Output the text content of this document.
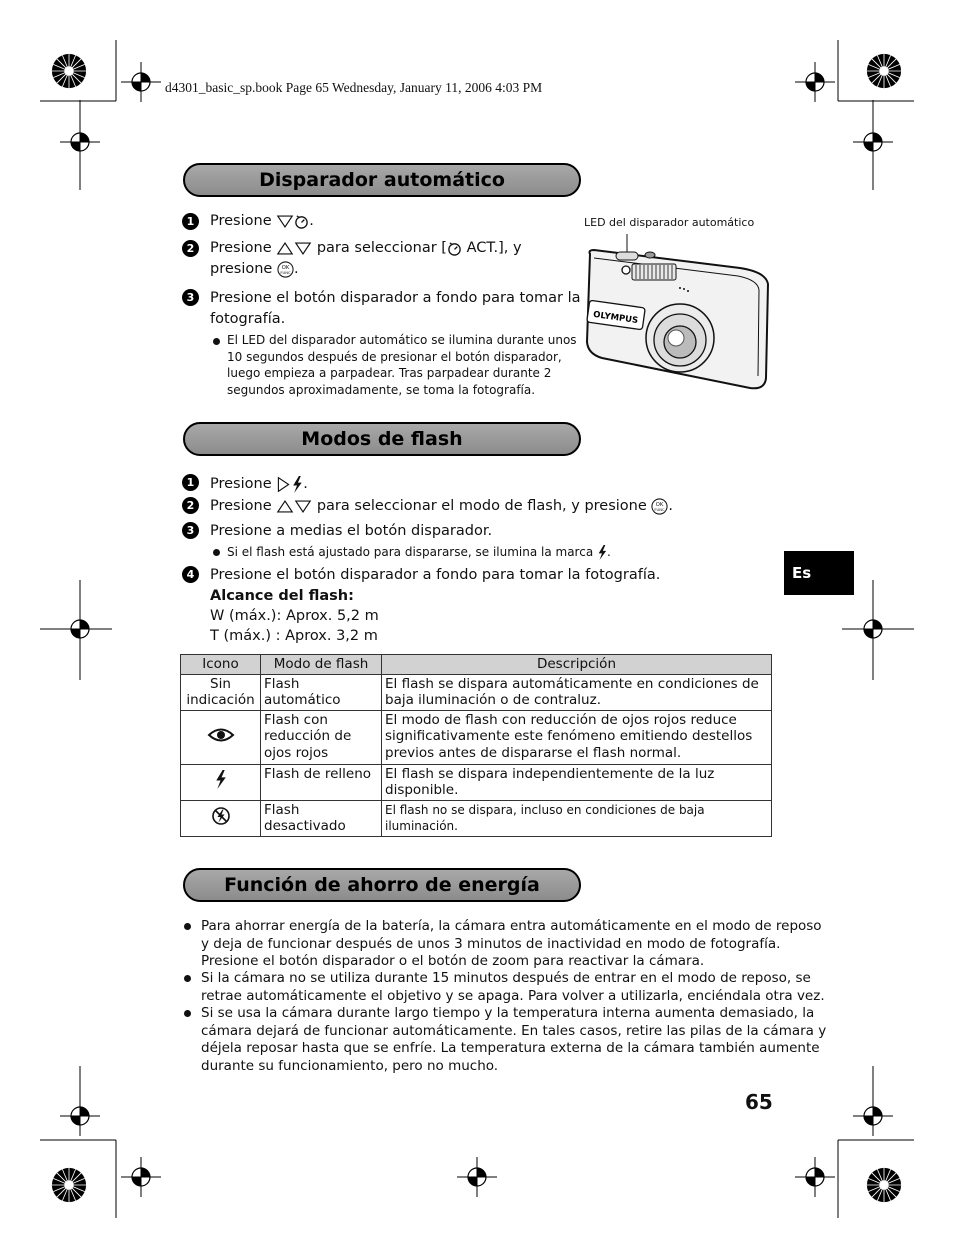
d4301_basic_sp.book Page 65 Wednesday, January 11, 2006 4:03 PM
Disparador automático
1	Presione .
2	Presione  para seleccionar [ ACT.], y
presione .
3	Presione el botón disparador a fondo para tomar la
fotografía.
El LED del disparador automático se ilumina durante unos
10 segundos después de presionar el botón disparador,
luego empieza a parpadear. Tras parpadear durante 2
segundos aproximadamente, se toma la fotografía.
LED del disparador automático
OLYMPUS
Modos de flash
1	Presione .
2	Presione  para seleccionar el modo de flash, y presione .
3	Presione a medias el botón disparador.
Si el flash está ajustado para dispararse, se ilumina la marca .
4	Presione el botón disparador a fondo para tomar la fotografía.
Alcance del flash:
W (máx.): Aprox. 5,2 m
T (máx.) : Aprox. 3,2 m
Icono	Modo de flash	Descripción
Sin indicación	Flash automático	El flash se dispara automáticamente en condiciones de baja iluminación o de contraluz.
	Flash con reducción de ojos rojos	El modo de flash con reducción de ojos rojos reduce significativamente este fenómeno emitiendo destellos previos antes de dispararse el flash normal.
	Flash de relleno	El flash se dispara independientemente de la luz disponible.
	Flash desactivado	El flash no se dispara, incluso en condiciones de baja iluminación.
Función de ahorro de energía
Para ahorrar energía de la batería, la cámara entra automáticamente en el modo de reposo
y deja de funcionar después de unos 3 minutos de inactividad en modo de fotografía.
Presione el botón disparador o el botón de zoom para reactivar la cámara.
Si la cámara no se utiliza durante 15 minutos después de entrar en el modo de reposo, se
retrae automáticamente el objetivo y se apaga. Para volver a utilizarla, enciéndala otra vez.
Si se usa la cámara durante largo tiempo y la temperatura interna aumenta demasiado, la
cámara dejará de funcionar automáticamente. En tales casos, retire las pilas de la cámara y
déjela reposar hasta que se enfríe. La temperatura externa de la cámara también aumente
durante su funcionamiento, pero no mucho.
Es
65
